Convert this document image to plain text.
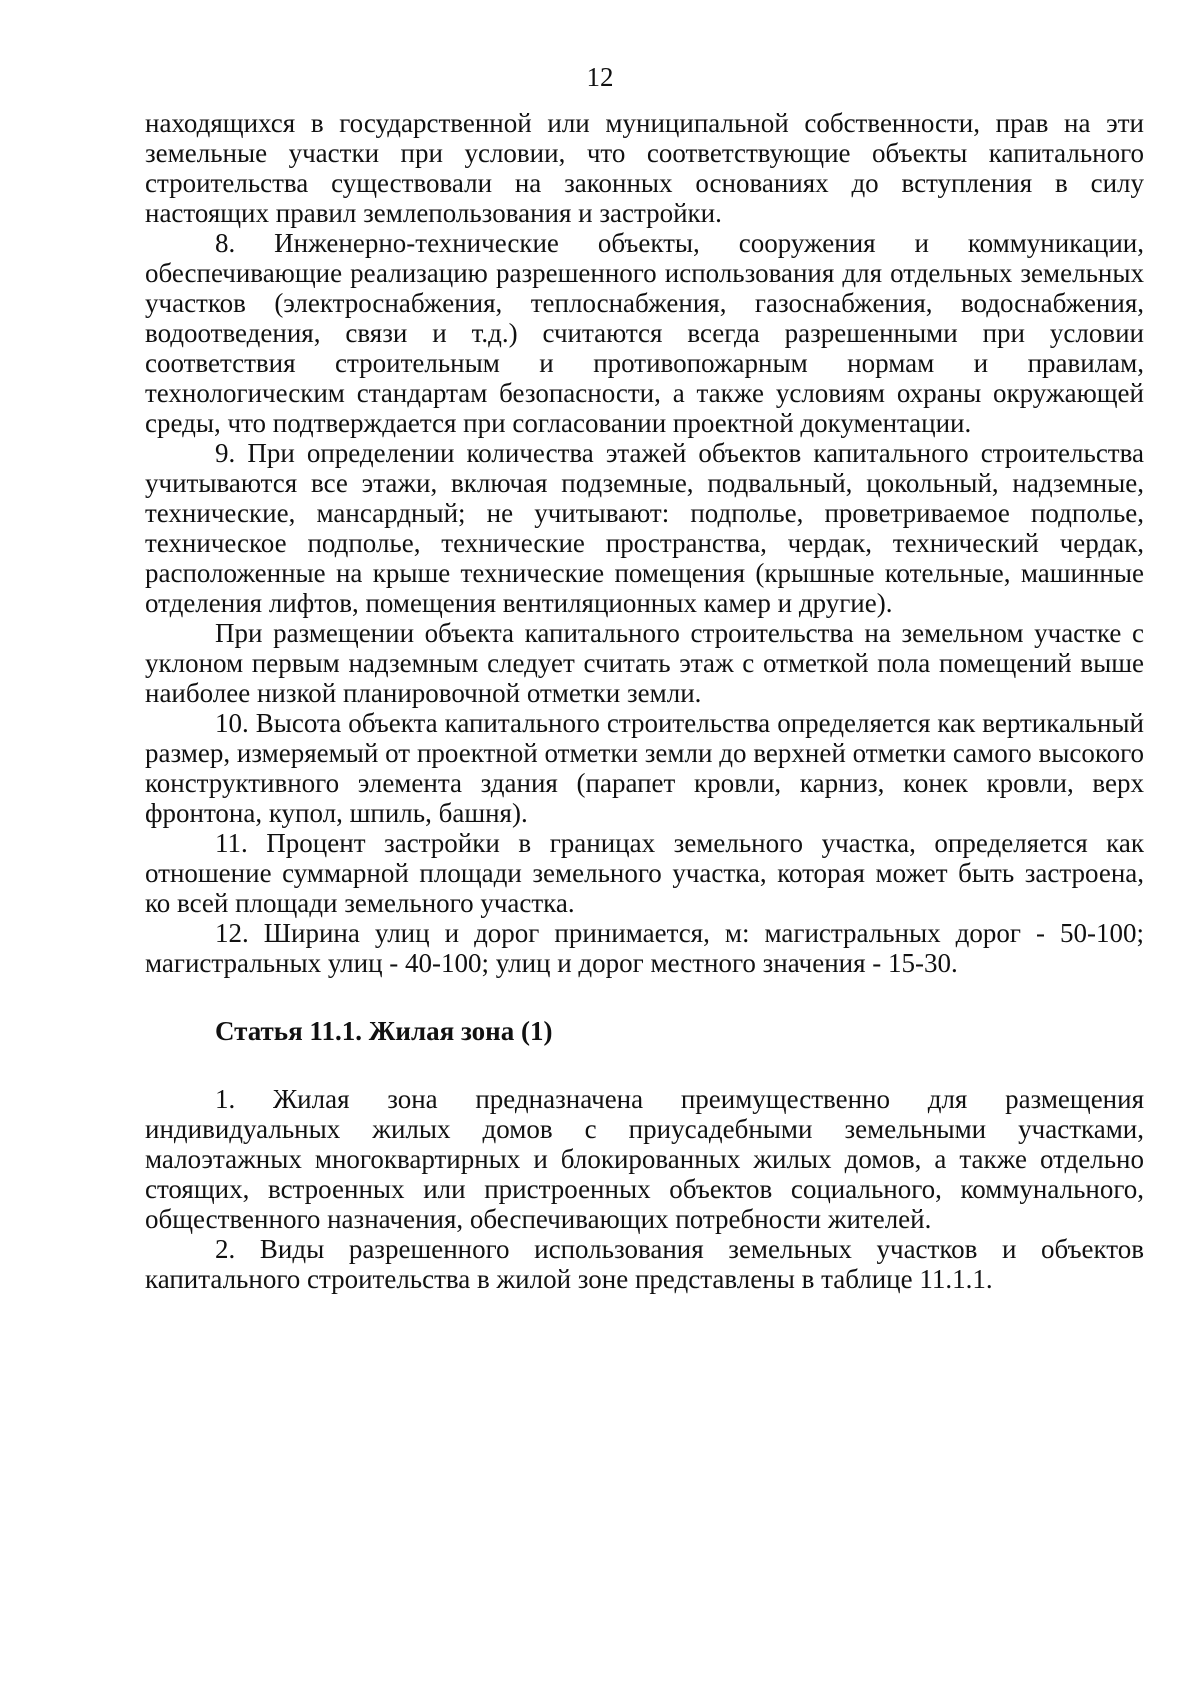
12

находящихся в государственной или муниципальной собственности, прав на эти земельные участки при условии, что соответствующие объекты капитального строительства существовали на законных основаниях до вступления в силу настоящих правил землепользования и застройки.

8. Инженерно-технические объекты, сооружения и коммуникации, обеспечивающие реализацию разрешенного использования для отдельных земельных участков (электроснабжения, теплоснабжения, газоснабжения, водоснабжения, водоотведения, связи и т.д.) считаются всегда разрешенными при условии соответствия строительным и противопожарным нормам и правилам, технологическим стандартам безопасности, а также условиям охраны окружающей среды, что подтверждается при согласовании проектной документации.

9. При определении количества этажей объектов капитального строительства учитываются все этажи, включая подземные, подвальный, цокольный, надземные, технические, мансардный; не учитывают: подполье, проветриваемое подполье, техническое подполье, технические пространства, чердак, технический чердак, расположенные на крыше технические помещения (крышные котельные, машинные отделения лифтов, помещения вентиляционных камер и другие).

При размещении объекта капитального строительства на земельном участке с уклоном первым надземным следует считать этаж с отметкой пола помещений выше наиболее низкой планировочной отметки земли.

10. Высота объекта капитального строительства определяется как вертикальный размер, измеряемый от проектной отметки земли до верхней отметки самого высокого конструктивного элемента здания (парапет кровли, карниз, конек кровли, верх фронтона, купол, шпиль, башня).

11. Процент застройки в границах земельного участка, определяется как отношение суммарной площади земельного участка, которая может быть застроена, ко всей площади земельного участка.

12. Ширина улиц и дорог принимается, м: магистральных дорог - 50-100; магистральных улиц - 40-100; улиц и дорог местного значения - 15-30.

Статья 11.1. Жилая зона (1)

1. Жилая зона предназначена преимущественно для размещения индивидуальных жилых домов с приусадебными земельными участками, малоэтажных многоквартирных и блокированных жилых домов, а также отдельно стоящих, встроенных или пристроенных объектов социального, коммунального, общественного назначения, обеспечивающих потребности жителей.

2. Виды разрешенного использования земельных участков и объектов капитального строительства в жилой зоне представлены в таблице 11.1.1.
